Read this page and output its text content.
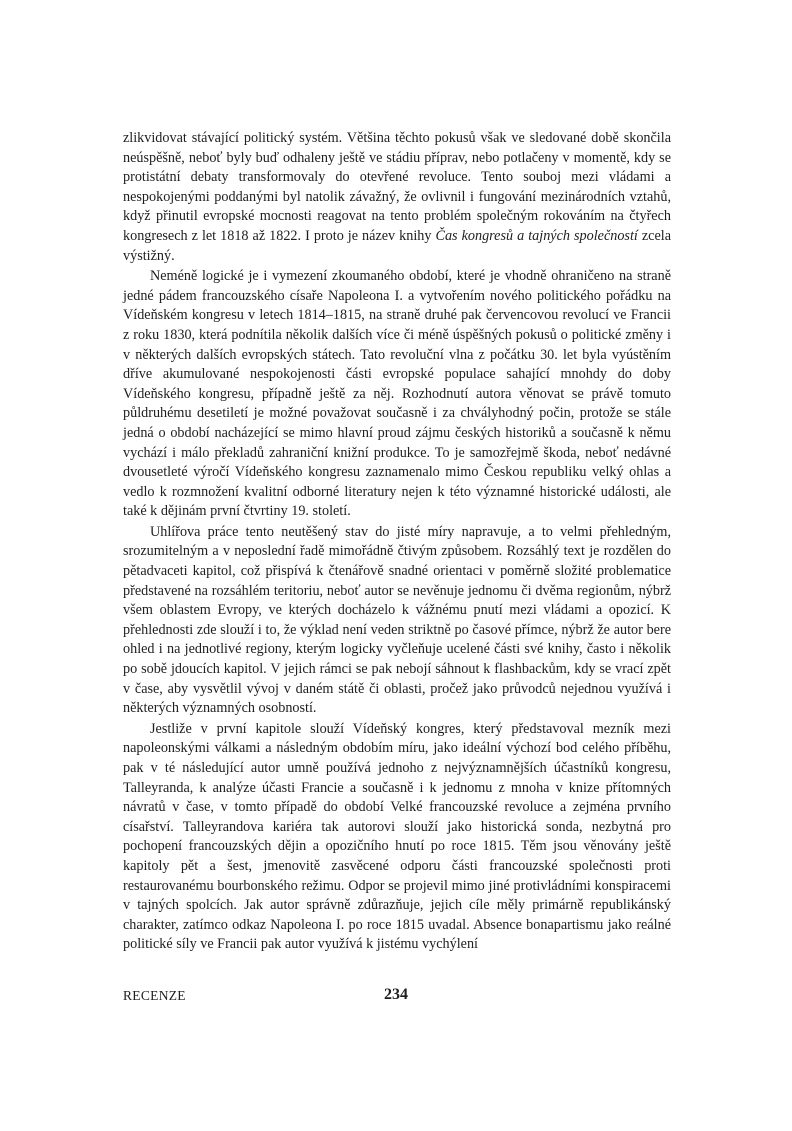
zlikvidovat stávající politický systém. Většina těchto pokusů však ve sledované době skončila neúspěšně, neboť byly buď odhaleny ještě ve stádiu příprav, nebo potlačeny v momentě, kdy se protistátní debaty transformovaly do otevřené revoluce. Tento souboj mezi vládami a nespokojenými poddanými byl natolik závažný, že ovlivnil i fungování mezinárodních vztahů, když přinutil evropské mocnosti reagovat na tento problém společným rokováním na čtyřech kongresech z let 1818 až 1822. I proto je název knihy Čas kongresů a tajných společností zcela výstižný.

Neméně logické je i vymezení zkoumaného období, které je vhodně ohraničeno na straně jedné pádem francouzského císaře Napoleona I. a vytvořením nového politického pořádku na Vídeňském kongresu v letech 1814–1815, na straně druhé pak červencovou revolucí ve Francii z roku 1830, která podnítila několik dalších více či méně úspěšných pokusů o politické změny i v některých dalších evropských státech. Tato revoluční vlna z počátku 30. let byla vyústěním dříve akumulované nespokojenosti části evropské populace sahající mnohdy do doby Vídeňského kongresu, případně ještě za něj. Rozhodnutí autora věnovat se právě tomuto půldruhému desetiletí je možné považovat současně i za chvályhodný počin, protože se stále jedná o období nacházející se mimo hlavní proud zájmu českých historiků a současně k němu vychází i málo překladů zahraniční knižní produkce. To je samozřejmě škoda, neboť nedávné dvousetleté výročí Vídeňského kongresu zaznamenalo mimo Českou republiku velký ohlas a vedlo k rozmnožení kvalitní odborné literatury nejen k této významné historické události, ale také k dějinám první čtvrtiny 19. století.

Uhlířova práce tento neutěšený stav do jisté míry napravuje, a to velmi přehledným, srozumitelným a v neposlední řadě mimořádně čtivým způsobem. Rozsáhlý text je rozdělen do pětadvaceti kapitol, což přispívá k čtenářově snadné orientaci v poměrně složité problematice představené na rozsáhlém teritoriu, neboť autor se nevěnuje jednomu či dvěma regionům, nýbrž všem oblastem Evropy, ve kterých docházelo k vážnému pnutí mezi vládami a opozicí. K přehlednosti zde slouží i to, že výklad není veden striktně po časové přímce, nýbrž že autor bere ohled i na jednotlivé regiony, kterým logicky vyčleňuje ucelené části své knihy, často i několik po sobě jdoucích kapitol. V jejich rámci se pak nebojí sáhnout k flashbackům, kdy se vrací zpět v čase, aby vysvětlil vývoj v daném státě či oblasti, pročež jako průvodců nejednou využívá i některých významných osobností.

Jestliže v první kapitole slouží Vídeňský kongres, který představoval mezník mezi napoleonskými válkami a následným obdobím míru, jako ideální výchozí bod celého příběhu, pak v té následující autor umně používá jednoho z nejvýznamnějších účastníků kongresu, Talleyranda, k analýze účasti Francie a současně i k jednomu z mnoha v knize přítomných návratů v čase, v tomto případě do období Velké francouzské revoluce a zejména prvního císařství. Talleyrandova kariéra tak autorovi slouží jako historická sonda, nezbytná pro pochopení francouzských dějin a opozičního hnutí po roce 1815. Těm jsou věnovány ještě kapitoly pět a šest, jmenovitě zasvěcené odporu části francouzské společnosti proti restaurovanému bourbonského režimu. Odpor se projevil mimo jiné protivládními konspiracemi v tajných spolcích. Jak autor správně zdůrazňuje, jejich cíle měly primárně republikánský charakter, zatímco odkaz Napoleona I. po roce 1815 uvadal. Absence bonapartismu jako reálné politické síly ve Francii pak autor využívá k jistému vychýlení

RECENZE	234
